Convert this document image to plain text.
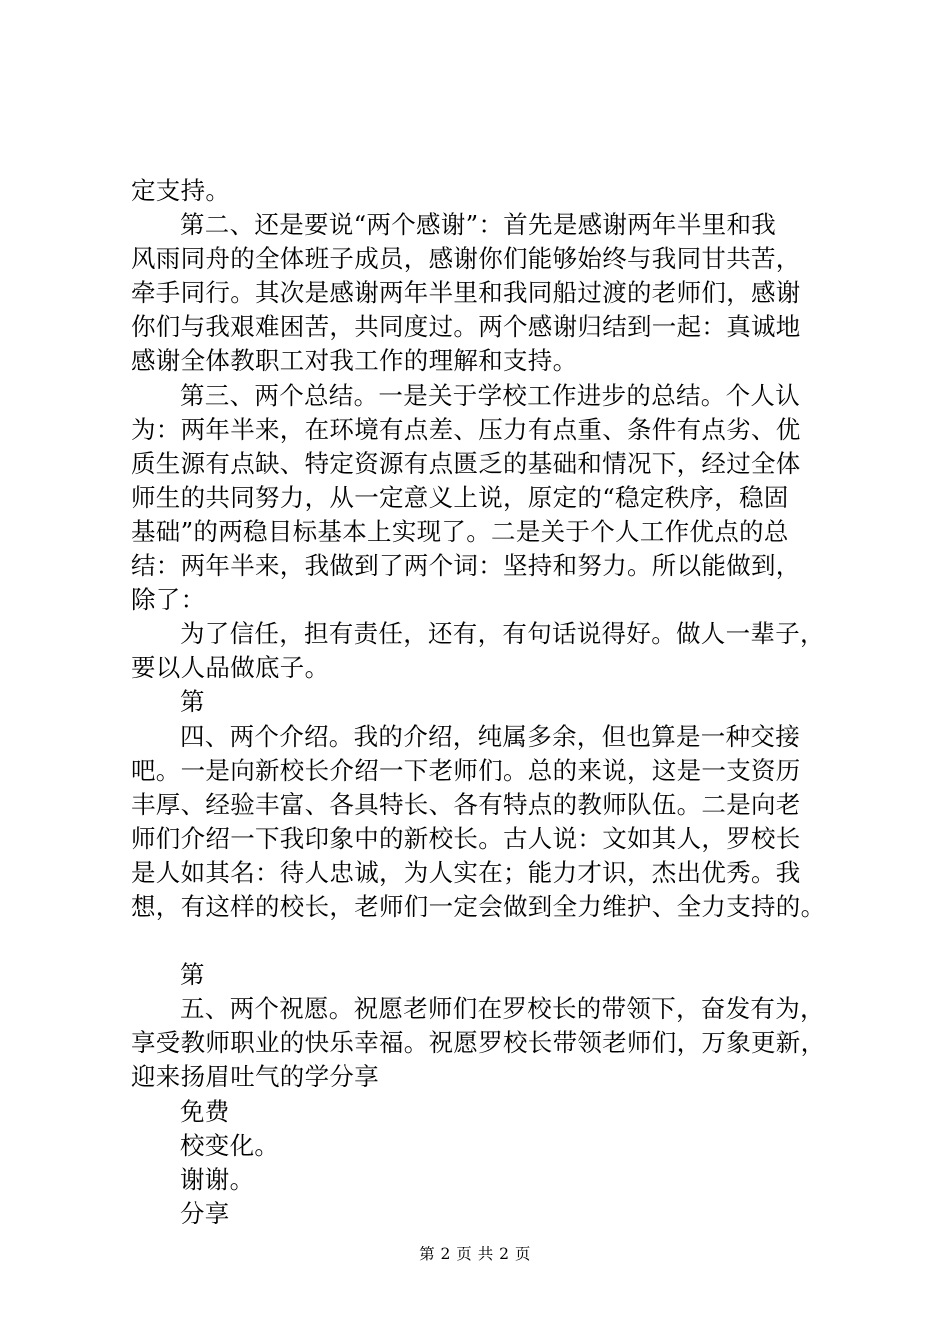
定支持。
第二、还是要说“两个感谢”：首先是感谢两年半里和我
风雨同舟的全体班子成员，感谢你们能够始终与我同甘共苦，
牵手同行。其次是感谢两年半里和我同船过渡的老师们，感谢
你们与我艰难困苦，共同度过。两个感谢归结到一起：真诚地
感谢全体教职工对我工作的理解和支持。
第三、两个总结。一是关于学校工作进步的总结。个人认
为：两年半来，在环境有点差、压力有点重、条件有点劣、优
质生源有点缺、特定资源有点匮乏的基础和情况下，经过全体
师生的共同努力，从一定意义上说，原定的“稳定秩序，稳固
基础”的两稳目标基本上实现了。二是关于个人工作优点的总
结：两年半来，我做到了两个词：坚持和努力。所以能做到，
除了：
为了信任，担有责任，还有，有句话说得好。做人一辈子，
要以人品做底子。
第
四、两个介绍。我的介绍，纯属多余，但也算是一种交接
吧。一是向新校长介绍一下老师们。总的来说，这是一支资历
丰厚、经验丰富、各具特长、各有特点的教师队伍。二是向老
师们介绍一下我印象中的新校长。古人说：文如其人，罗校长
是人如其名：待人忠诚，为人实在；能力才识，杰出优秀。我
想，有这样的校长，老师们一定会做到全力维护、全力支持的。
第
五、两个祝愿。祝愿老师们在罗校长的带领下，奋发有为，
享受教师职业的快乐幸福。祝愿罗校长带领老师们，万象更新，
迎来扬眉吐气的学分享
免费
校变化。
谢谢。
分享
第 2 页 共 2 页
